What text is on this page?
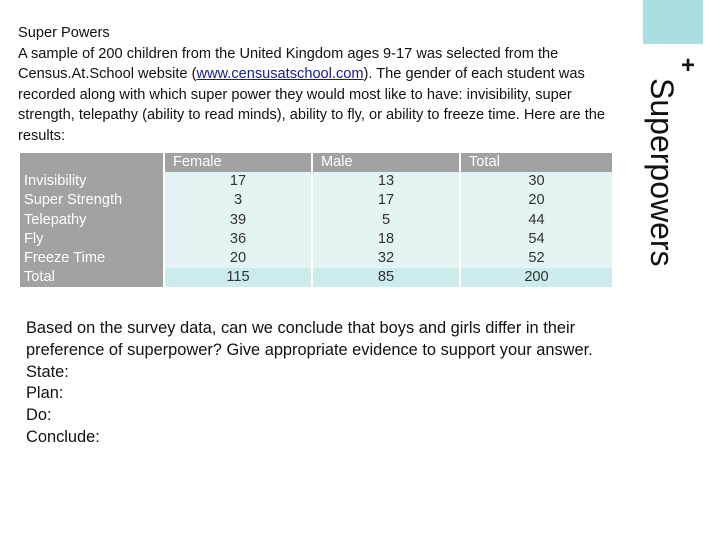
+
Superpowers
Super Powers
A sample of 200 children from the United Kingdom ages 9-17 was selected from the Census.At.School website (www.censusatschool.com). The gender of each student was recorded along with which super power they would most like to have: invisibility, super strength, telepathy (ability to read minds), ability to fly, or ability to freeze time. Here are the results:
	Female	Male	Total
Invisibility	17	13	30
Super Strength	3	17	20
Telepathy	39	5	44
Fly	36	18	54
Freeze Time	20	32	52
Total	115	85	200
Based on the survey data, can we conclude that boys and girls differ in their preference of superpower? Give appropriate evidence to support your answer.
State:
Plan:
Do:
Conclude:
